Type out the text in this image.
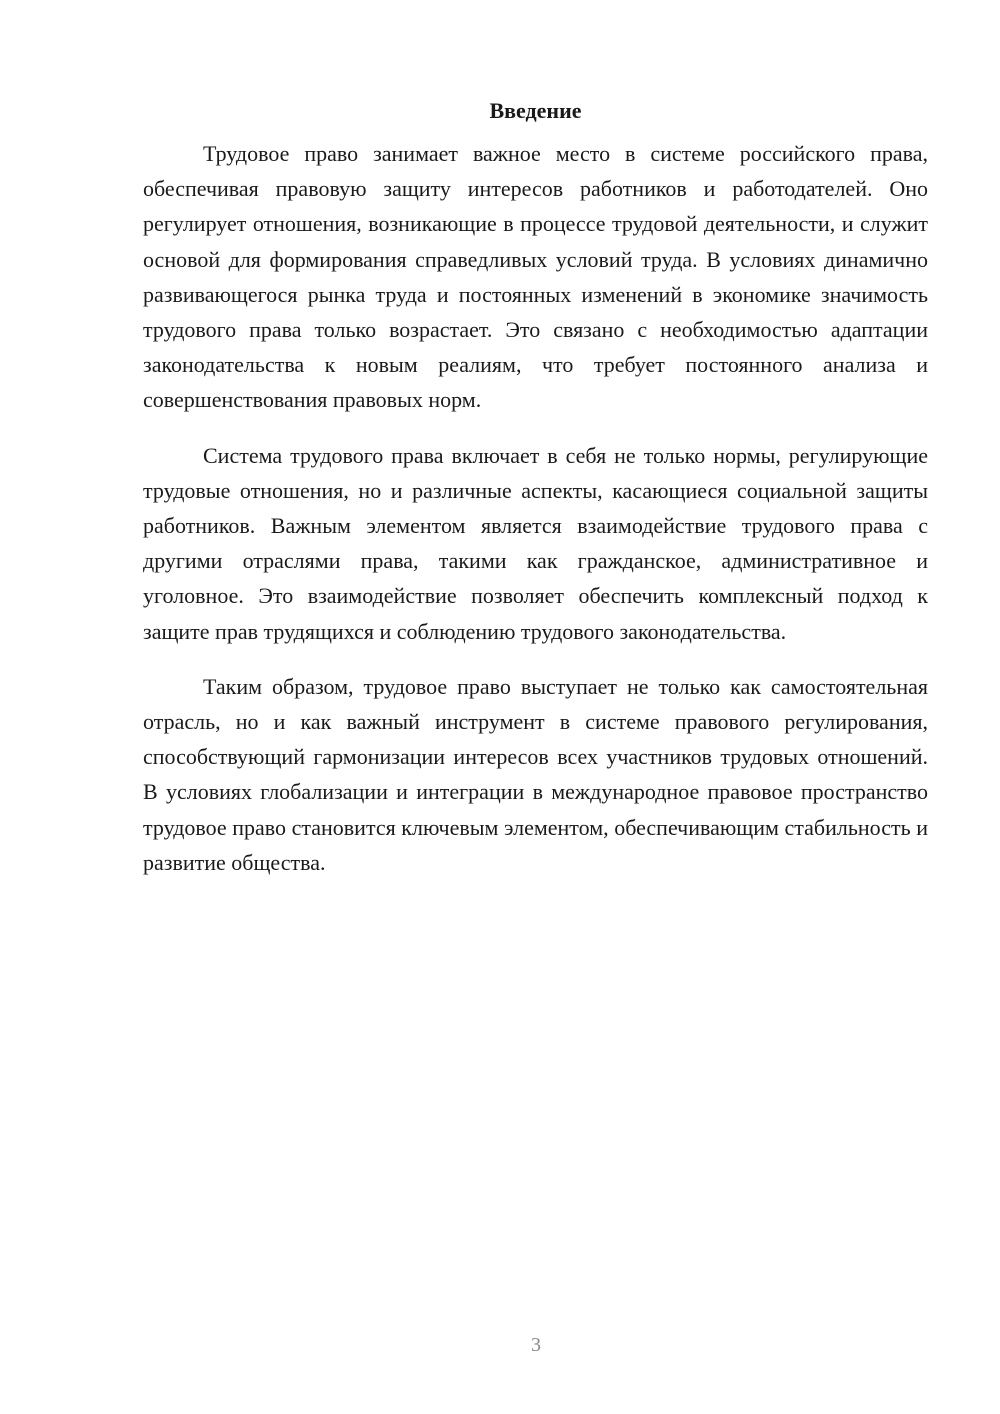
Введение

Трудовое право занимает важное место в системе российского права, обеспечивая правовую защиту интересов работников и работодателей. Оно регулирует отношения, возникающие в процессе трудовой деятельности, и служит основой для формирования справедливых условий труда. В условиях динамично развивающегося рынка труда и постоянных изменений в экономике значимость трудового права только возрастает. Это связано с необходимостью адаптации законодательства к новым реалиям, что требует постоянного анализа и совершенствования правовых норм.

Система трудового права включает в себя не только нормы, регулирующие трудовые отношения, но и различные аспекты, касающиеся социальной защиты работников. Важным элементом является взаимодействие трудового права с другими отраслями права, такими как гражданское, административное и уголовное. Это взаимодействие позволяет обеспечить комплексный подход к защите прав трудящихся и соблюдению трудового законодательства.

Таким образом, трудовое право выступает не только как самостоятельная отрасль, но и как важный инструмент в системе правового регулирования, способствующий гармонизации интересов всех участников трудовых отношений. В условиях глобализации и интеграции в международное правовое пространство трудовое право становится ключевым элементом, обеспечивающим стабильность и развитие общества.

3
